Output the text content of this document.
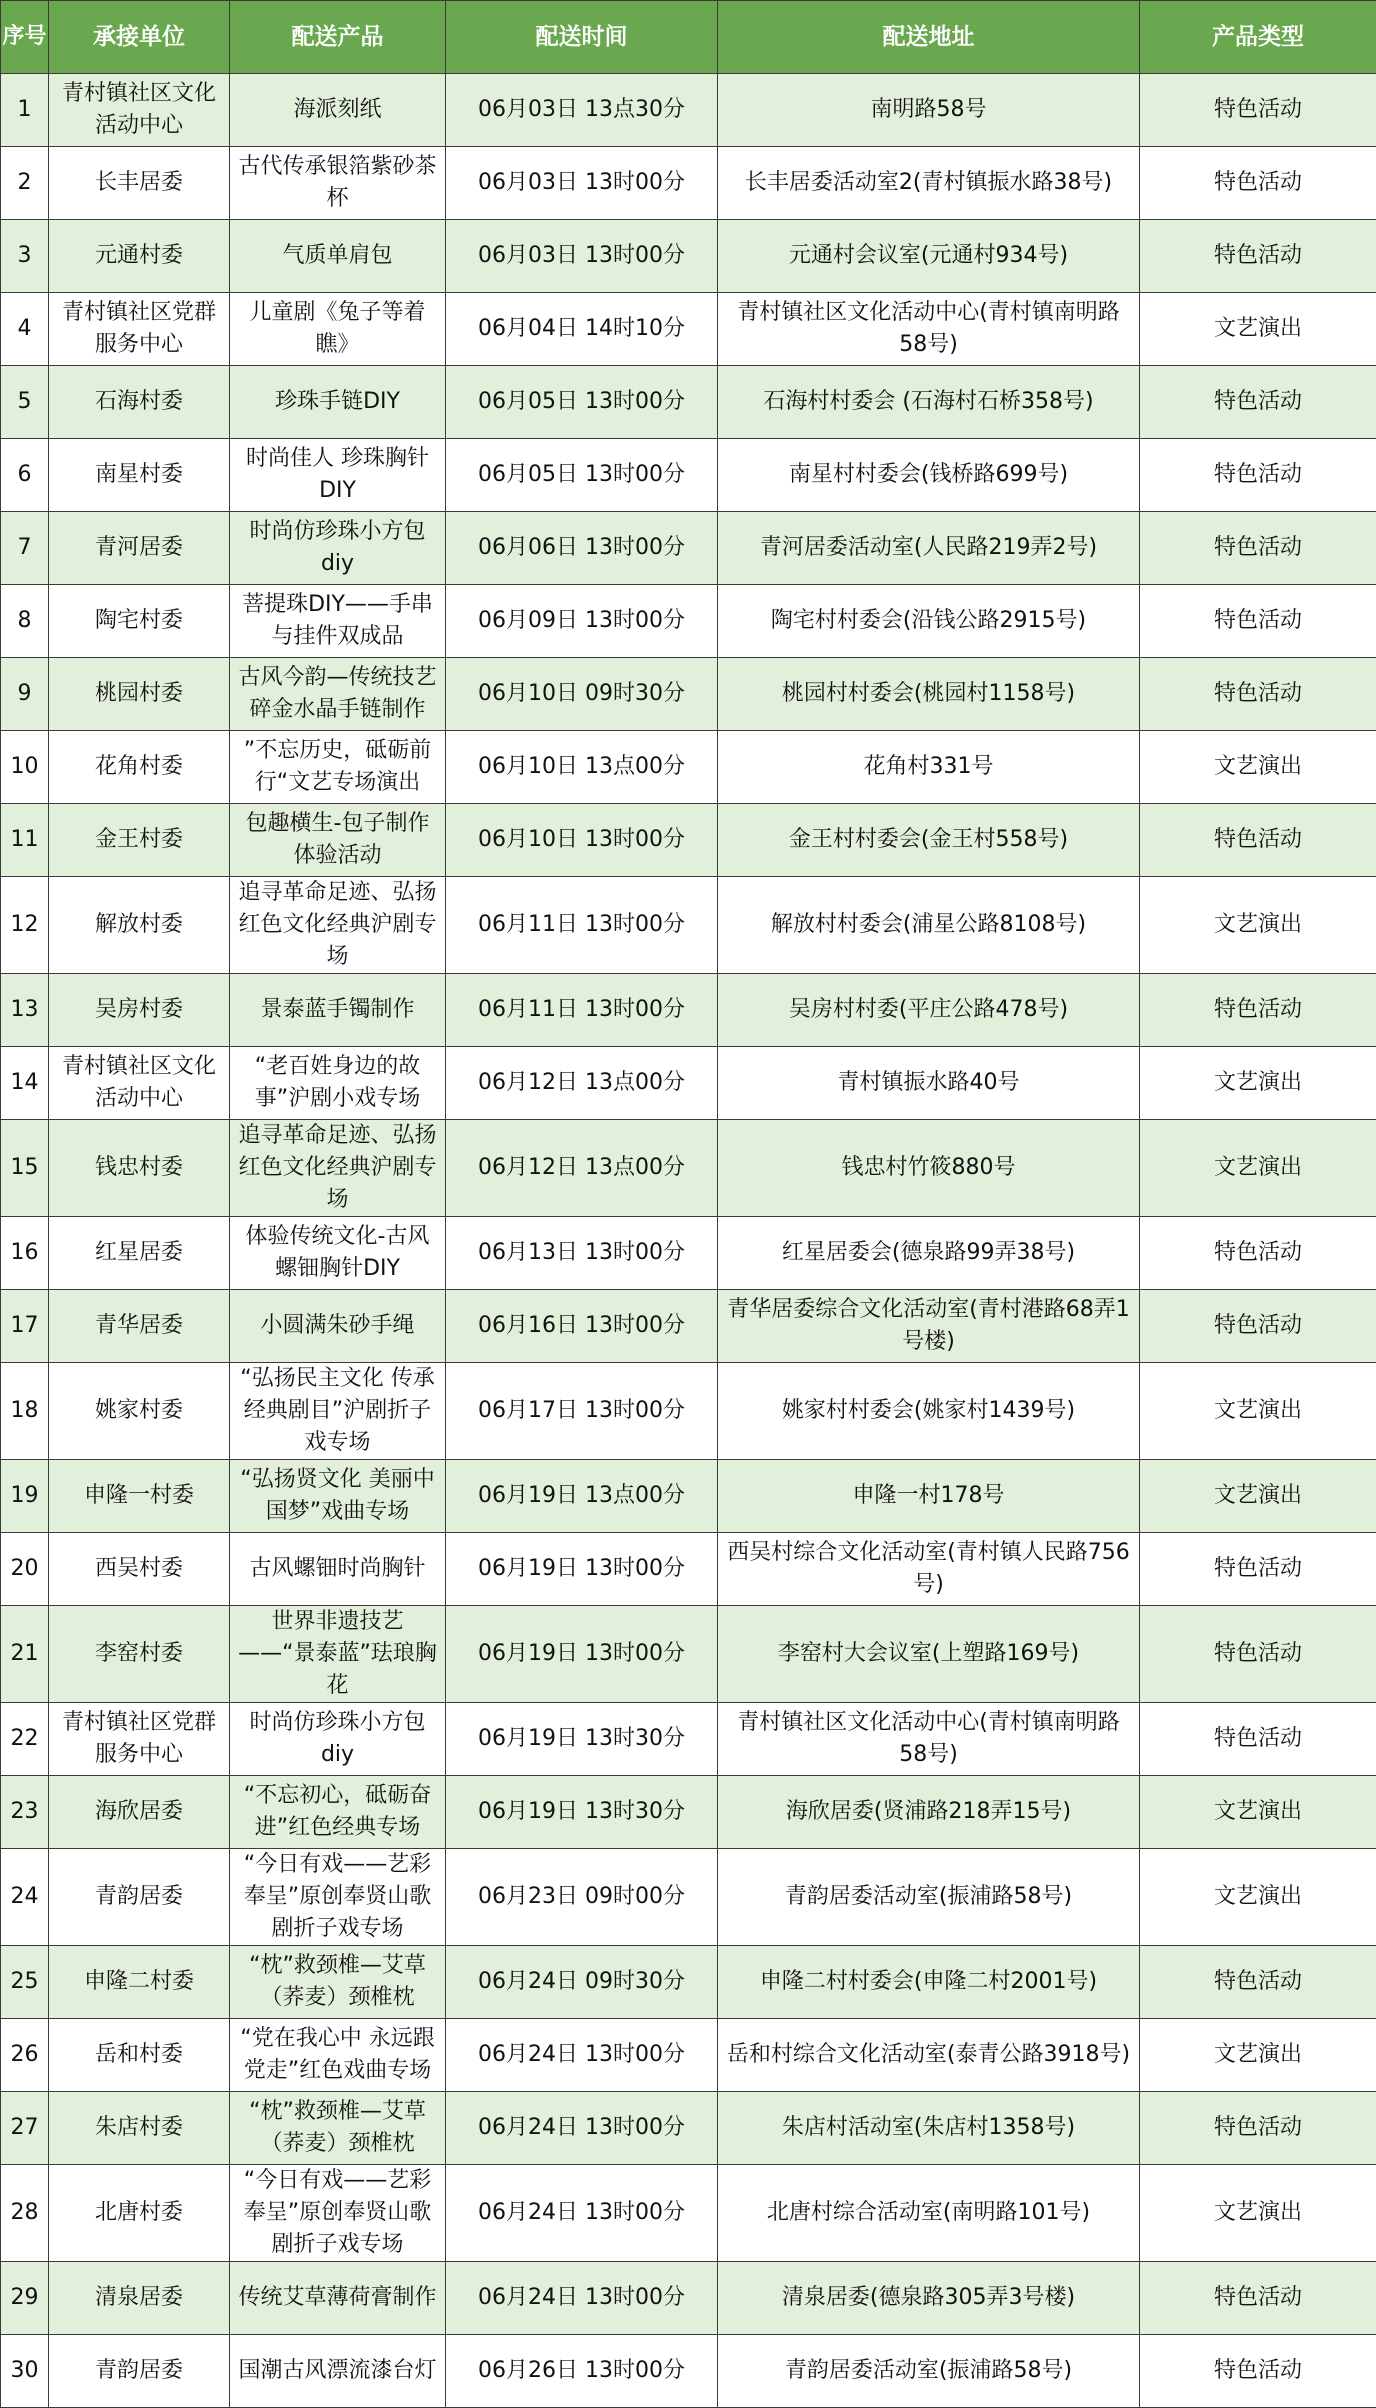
序号	承接单位	配送产品	配送时间	配送地址	产品类型
1	青村镇社区文化活动中心	海派刻纸	06月03日 13点30分	南明路58号	特色活动
2	长丰居委	古代传承银箔紫砂茶杯	06月03日 13时00分	长丰居委活动室2(青村镇振水路38号)	特色活动
3	元通村委	气质单肩包	06月03日 13时00分	元通村会议室(元通村934号)	特色活动
4	青村镇社区党群服务中心	儿童剧《兔子等着瞧》	06月04日 14时10分	青村镇社区文化活动中心(青村镇南明路58号)	文艺演出
5	石海村委	珍珠手链DIY	06月05日 13时00分	石海村村委会 (石海村石桥358号)	特色活动
6	南星村委	时尚佳人 珍珠胸针DIY	06月05日 13时00分	南星村村委会(钱桥路699号)	特色活动
7	青河居委	时尚仿珍珠小方包diy	06月06日 13时00分	青河居委活动室(人民路219弄2号)	特色活动
8	陶宅村委	菩提珠DIY——手串与挂件双成品	06月09日 13时00分	陶宅村村委会(沿钱公路2915号)	特色活动
9	桃园村委	古风今韵—传统技艺 碎金水晶手链制作	06月10日 09时30分	桃园村村委会(桃园村1158号)	特色活动
10	花角村委	”不忘历史，砥砺前行“文艺专场演出	06月10日 13点00分	花角村331号	文艺演出
11	金王村委	包趣横生-包子制作体验活动	06月10日 13时00分	金王村村委会(金王村558号)	特色活动
12	解放村委	追寻革命足迹、弘扬红色文化经典沪剧专场	06月11日 13时00分	解放村村委会(浦星公路8108号)	文艺演出
13	吴房村委	景泰蓝手镯制作	06月11日 13时00分	吴房村村委(平庄公路478号)	特色活动
14	青村镇社区文化活动中心	“老百姓身边的故事”沪剧小戏专场	06月12日 13点00分	青村镇振水路40号	文艺演出
15	钱忠村委	追寻革命足迹、弘扬红色文化经典沪剧专场	06月12日 13点00分	钱忠村竹筱880号	文艺演出
16	红星居委	体验传统文化-古风螺钿胸针DIY	06月13日 13时00分	红星居委会(德泉路99弄38号)	特色活动
17	青华居委	小圆满朱砂手绳	06月16日 13时00分	青华居委综合文化活动室(青村港路68弄1号楼)	特色活动
18	姚家村委	“弘扬民主文化 传承经典剧目”沪剧折子戏专场	06月17日 13时00分	姚家村村委会(姚家村1439号)	文艺演出
19	申隆一村委	“弘扬贤文化 美丽中国梦”戏曲专场	06月19日 13点00分	申隆一村178号	文艺演出
20	西吴村委	古风螺钿时尚胸针	06月19日 13时00分	西吴村综合文化活动室(青村镇人民路756号)	特色活动
21	李窑村委	世界非遗技艺——“景泰蓝”珐琅胸花	06月19日 13时00分	李窑村大会议室(上塑路169号)	特色活动
22	青村镇社区党群服务中心	时尚仿珍珠小方包diy	06月19日 13时30分	青村镇社区文化活动中心(青村镇南明路58号)	特色活动
23	海欣居委	“不忘初心，砥砺奋进”红色经典专场	06月19日 13时30分	海欣居委(贤浦路218弄15号)	文艺演出
24	青韵居委	“今日有戏——艺彩奉呈”原创奉贤山歌剧折子戏专场	06月23日 09时00分	青韵居委活动室(振浦路58号)	文艺演出
25	申隆二村委	“枕”救颈椎—艾草（荞麦）颈椎枕	06月24日 09时30分	申隆二村村委会(申隆二村2001号)	特色活动
26	岳和村委	“党在我心中 永远跟党走”红色戏曲专场	06月24日 13时00分	岳和村综合文化活动室(泰青公路3918号)	文艺演出
27	朱店村委	“枕”救颈椎—艾草（荞麦）颈椎枕	06月24日 13时00分	朱店村活动室(朱店村1358号)	特色活动
28	北唐村委	“今日有戏——艺彩奉呈”原创奉贤山歌剧折子戏专场	06月24日 13时00分	北唐村综合活动室(南明路101号)	文艺演出
29	清泉居委	传统艾草薄荷膏制作	06月24日 13时00分	清泉居委(德泉路305弄3号楼)	特色活动
30	青韵居委	国潮古风漂流漆台灯	06月26日 13时00分	青韵居委活动室(振浦路58号)	特色活动
